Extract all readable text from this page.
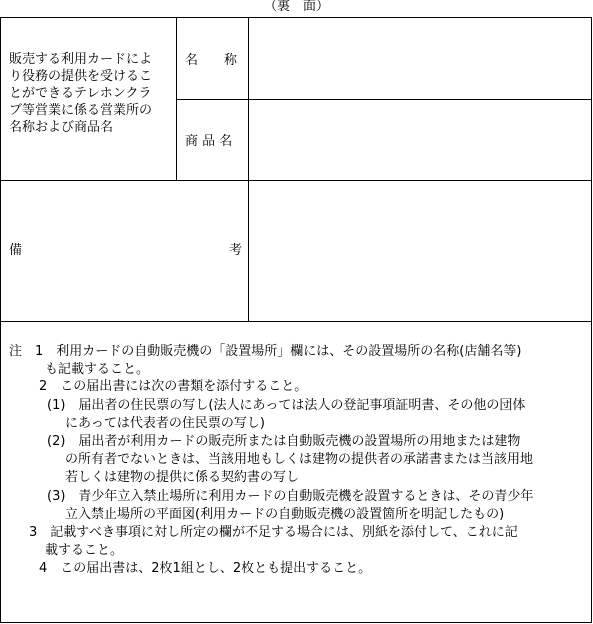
（裏　面）
販売する利用カードによ
り役務の提供を受けるこ
とができるテレホンクラ
ブ等営業に係る営業所の
名称および商品名
名　　称
商 品 名
備	考
注　1　利用カードの自動販売機の「設置場所」欄には、その設置場所の名称(店舗名等)
も記載すること。
2　この届出書には次の書類を添付すること。
(1)　届出者の住民票の写し(法人にあっては法人の登記事項証明書、その他の団体
にあっては代表者の住民票の写し)
(2)　届出者が利用カードの販売所または自動販売機の設置場所の用地または建物
の所有者でないときは、当該用地もしくは建物の提供者の承諾書または当該用地
若しくは建物の提供に係る契約書の写し
(3)　青少年立入禁止場所に利用カードの自動販売機を設置するときは、その青少年
立入禁止場所の平面図(利用カードの自動販売機の設置箇所を明記したもの)
3　記載すべき事項に対し所定の欄が不足する場合には、別紙を添付して、これに記
載すること。
4　この届出書は、2枚1組とし、2枚とも提出すること。
